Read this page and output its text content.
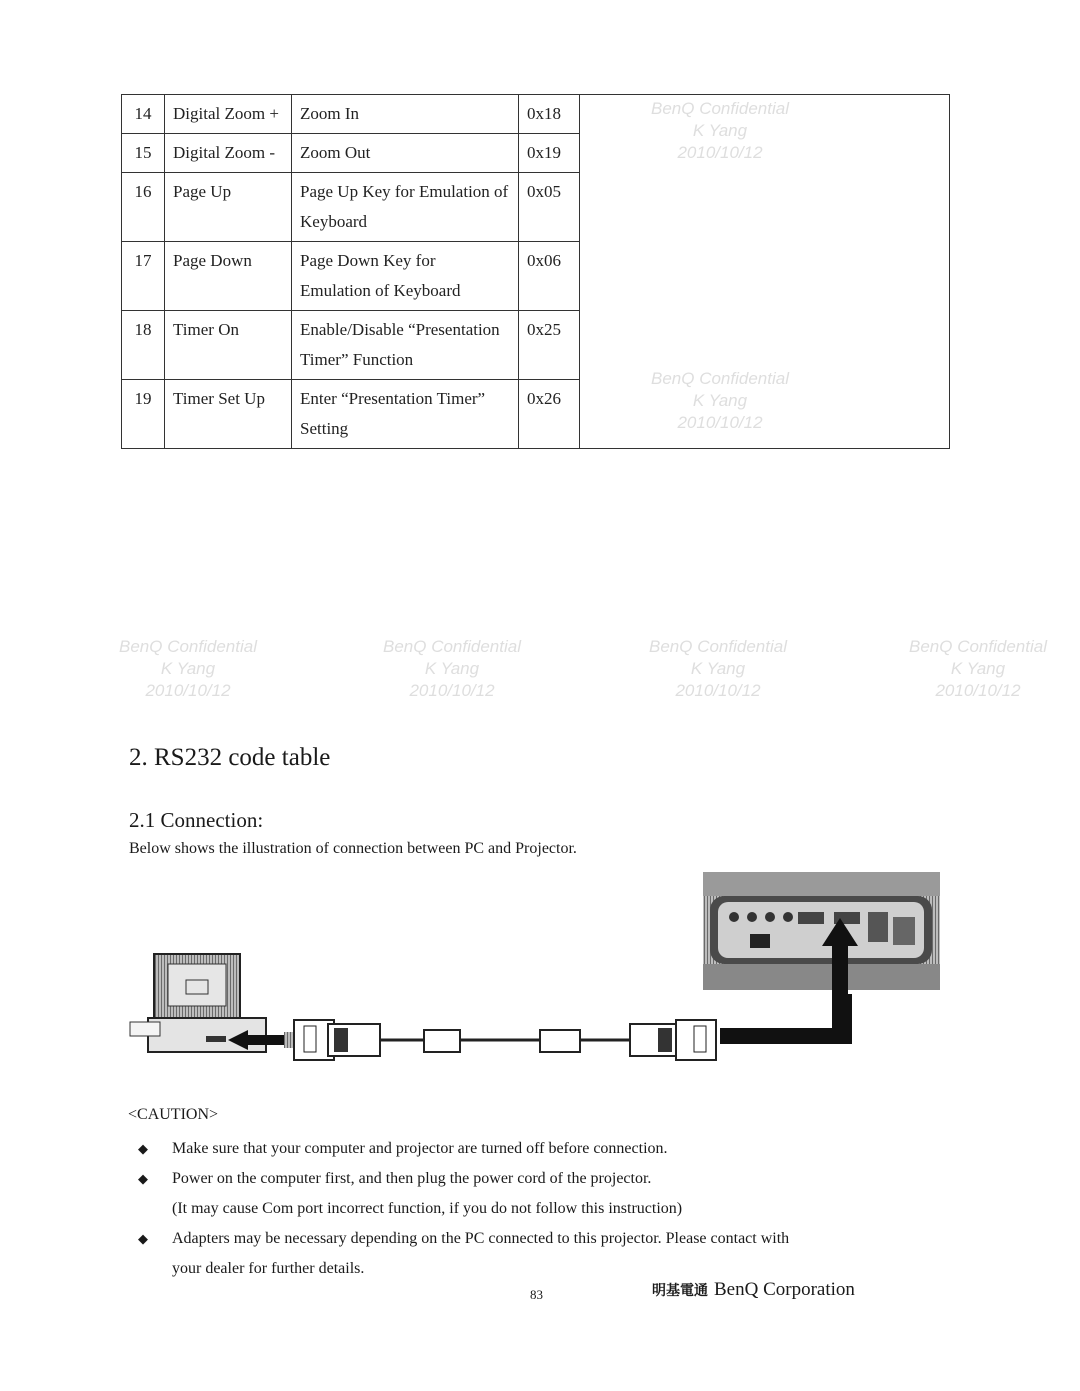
BenQ Confidential
K Yang
2010/10/12
BenQ Confidential
K Yang
2010/10/12
BenQ Confidential
K Yang
2010/10/12
BenQ Confidential
K Yang
2010/10/12
BenQ Confidential
K Yang
2010/10/12
BenQ Confidential
K Yang
2010/10/12
14	Digital Zoom +	Zoom In	0x18	
15	Digital Zoom -	Zoom Out	0x19	
16	Page Up	Page Up Key for Emulation of Keyboard	0x05	
17	Page Down	Page Down Key for Emulation of Keyboard	0x06	
18	Timer On	Enable/Disable “Presentation Timer” Function	0x25	
19	Timer Set Up	Enter “Presentation Timer” Setting	0x26	
2. RS232 code table
2.1 Connection:
Below shows the illustration of connection between PC and Projector.
<CAUTION>
◆	Make sure that your computer and projector are turned off before connection.
◆	Power on the computer first, and then plug the power cord of the projector.
(It may cause Com port incorrect function, if you do not follow this instruction)
◆	Adapters may be necessary depending on the PC connected to this projector. Please contact with
your dealer for further details.
83	明基電通 BenQ Corporation
